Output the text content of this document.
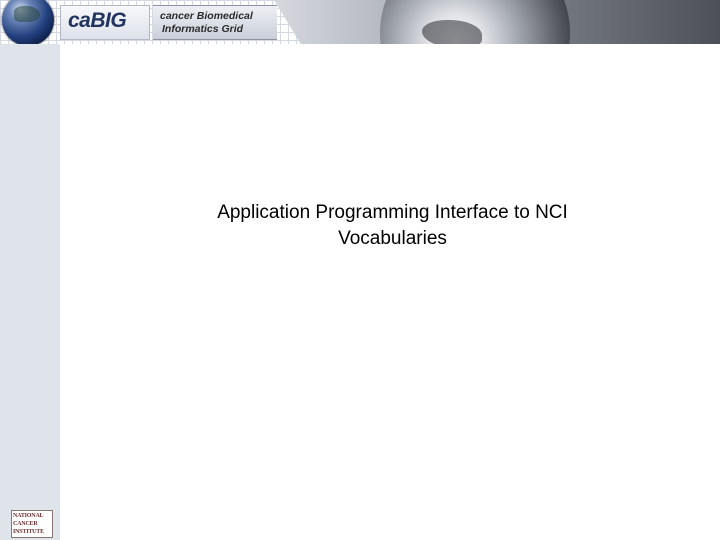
caBIG	cancer Biomedical
Informatics Grid
Application Programming Interface to NCI
Vocabularies
NATIONAL
CANCER
INSTITUTE
